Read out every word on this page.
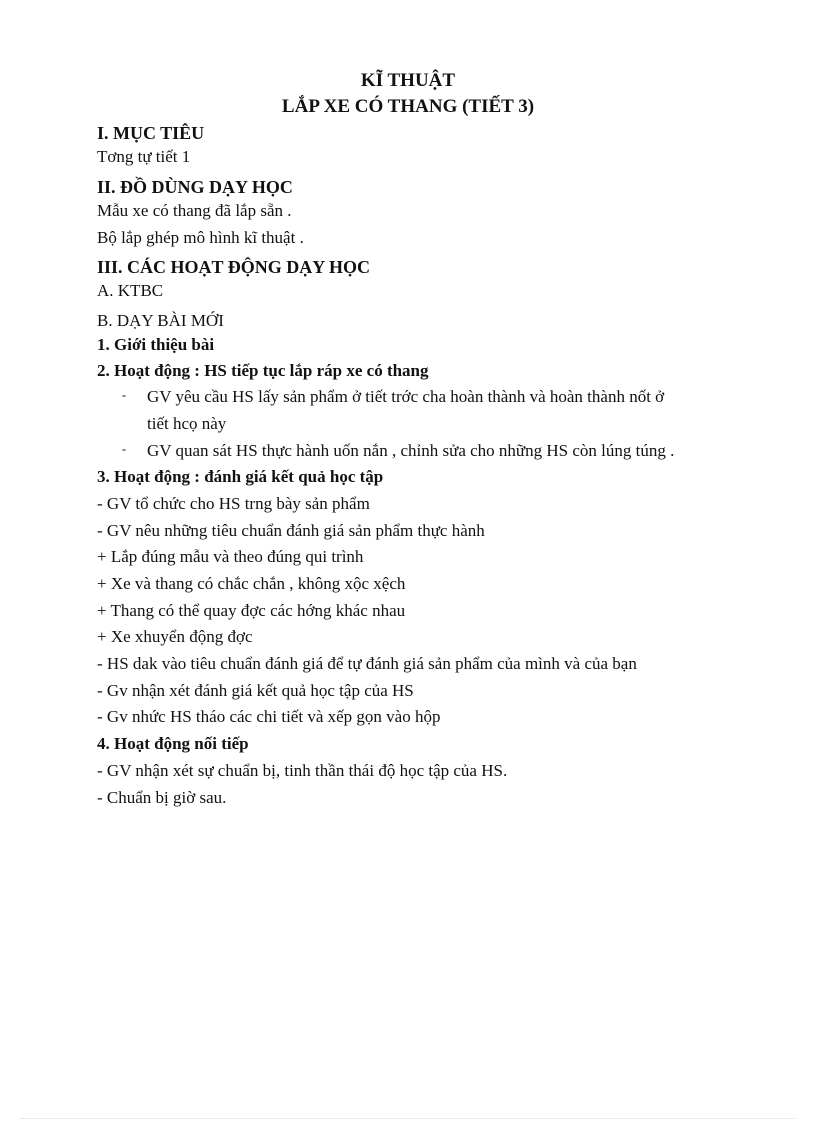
KĨ THUẬT

LẮP XE CÓ THANG (TIẾT 3)

I. MỤC TIÊU

Tơng tự tiết 1

II. ĐỒ DÙNG DẠY HỌC

Mẫu xe có thang đã lắp sẵn .

Bộ lắp ghép mô hình kĩ thuật .

III. CÁC HOẠT ĐỘNG DẠY HỌC

A. KTBC

B. DẠY BÀI MỚI

1. Giới thiệu bài

2. Hoạt động : HS tiếp tục lắp ráp xe có thang

- GV yêu cầu HS lấy sản phẩm ở tiết trớc cha hoàn thành và hoàn thành nốt ở

tiết hcọ này

- GV quan sát HS thực hành uốn nắn , chỉnh sửa cho những HS còn lúng túng .

3. Hoạt động : đánh giá kết quả học tập

- GV tổ chức cho HS trng bày sản phẩm

- GV nêu những tiêu chuẩn đánh giá sản phẩm thực hành

+ Lắp đúng mẫu và theo đúng qui trình

+ Xe và thang có chắc chắn , không xộc xệch

+ Thang có thể quay đợc các hớng khác nhau

+ Xe xhuyển động đợc

- HS dak vào tiêu chuẩn đánh giá để tự đánh giá sản phẩm của mình và của bạn

- Gv nhận xét đánh giá kết quả học tập của HS

- Gv nhức HS tháo các chi tiết và xếp gọn vào hộp

4. Hoạt động nối tiếp

- GV nhận xét sự chuẩn bị, tinh thần thái độ học tập của HS.

- Chuẩn bị giờ sau.
